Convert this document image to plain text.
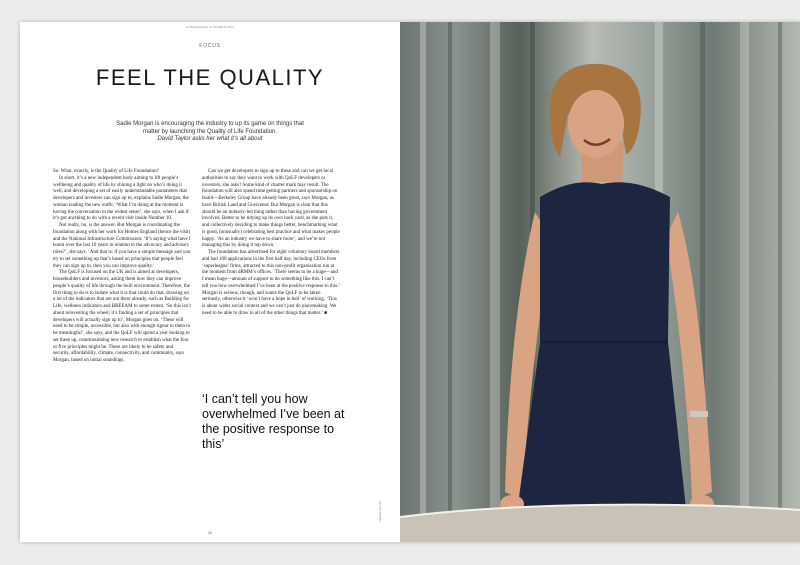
SOMEWHERE & SOMETHING
FOCUS
FEEL THE QUALITY
Sadie Morgan is encouraging the industry to up its game on things that matter by launching the Quality of Life Foundation.
David Taylor asks her what it’s all about

So. What, exactly, is the Quality of Life Foundation?

In short, it’s a new independent body aiming to lift people’s wellbeing and quality of life by shining a light on who’s doing it well, and developing a set of easily understandable parameters that developers and investors can sign up to, explains Sadie Morgan, the woman leading the new outfit. ‘What I’m doing at the moment is having the conversation in the widest sense’, she says, when I ask if it’s got anything to do with a recent visit inside Number 10.

Not really, no, is the answer. But Morgan is coordinating the foundation along with her work for Homes England (hence the visit) and the National Infrastructure Commission: ‘It’s saying what have I learnt over the last 10 years in relation to the advocacy and advisory roles?’, she says. ‘And that is: if you have a simple message and you try to set something up that’s based on principles that people feel they can sign up to, then you can improve quality.’

The QoLF is focused on the UK and is aimed at developers, housebuilders and investors, asking them how they can improve people’s quality of life through the built environment. Therefore, the first thing to do is to isolate what it is that could do that, drawing on a lot of the indicators that are out there already, such as Building for Life, wellness indicators and BREEAM to some extent. ‘So this isn’t about reinventing the wheel; it’s finding a set of principles that developers will actually sign up to’, Morgan goes on. ‘These will need to be simple, accessible, but also with enough rigour to them to be meaningful’, she says, and the QoLF will spend a year looking to set these up, commissioning new research to establish what the four or five principles might be. These are likely to be safety and security, affordability, climate, connectivity, and community, says Morgan, based on initial soundings.

Can we get developers to sign up to these and can we get local authorities to say they want to work with QoLF developers or investors, she asks? Some kind of charter mark may result. The foundation will also spend time getting partners and sponsorship on board—Berkeley Group have already been great, says Morgan, as have British Land and Grosvenor. But Morgan is clear that this should be an industry-led thing rather than having government involved. Better to be tidying up its own back yard, as she puts it, and collectively deciding to make things better, benchmarking what is good, (unusually) celebrating best practice and what makes people happy. ‘As an industry we have to share more’, and we’re not managing this by doing it top down.

The foundation has advertised for eight voluntary board members and had 100 applications in the first half day, including CEOs from ‘superleague’ firms, attracted to this non-profit organisation run at the moment from dRMM’s offices. ‘There seems to be a huge—and I mean huge—amount of support to do something like this. I can’t tell you how overwhelmed I’ve been at the positive response to this.’ Morgan is serious, though, and wants the QoLF to be taken seriously, otherwise it ‘won’t have a hope in hell’ of working. ‘This is about wider social context and we can’t just do placemaking. We need to be able to draw in all of the other things that matter.’ ■

‘I can’t tell you how overwhelmed I’ve been at the positive response to this’
36
Agnese Sanvito
